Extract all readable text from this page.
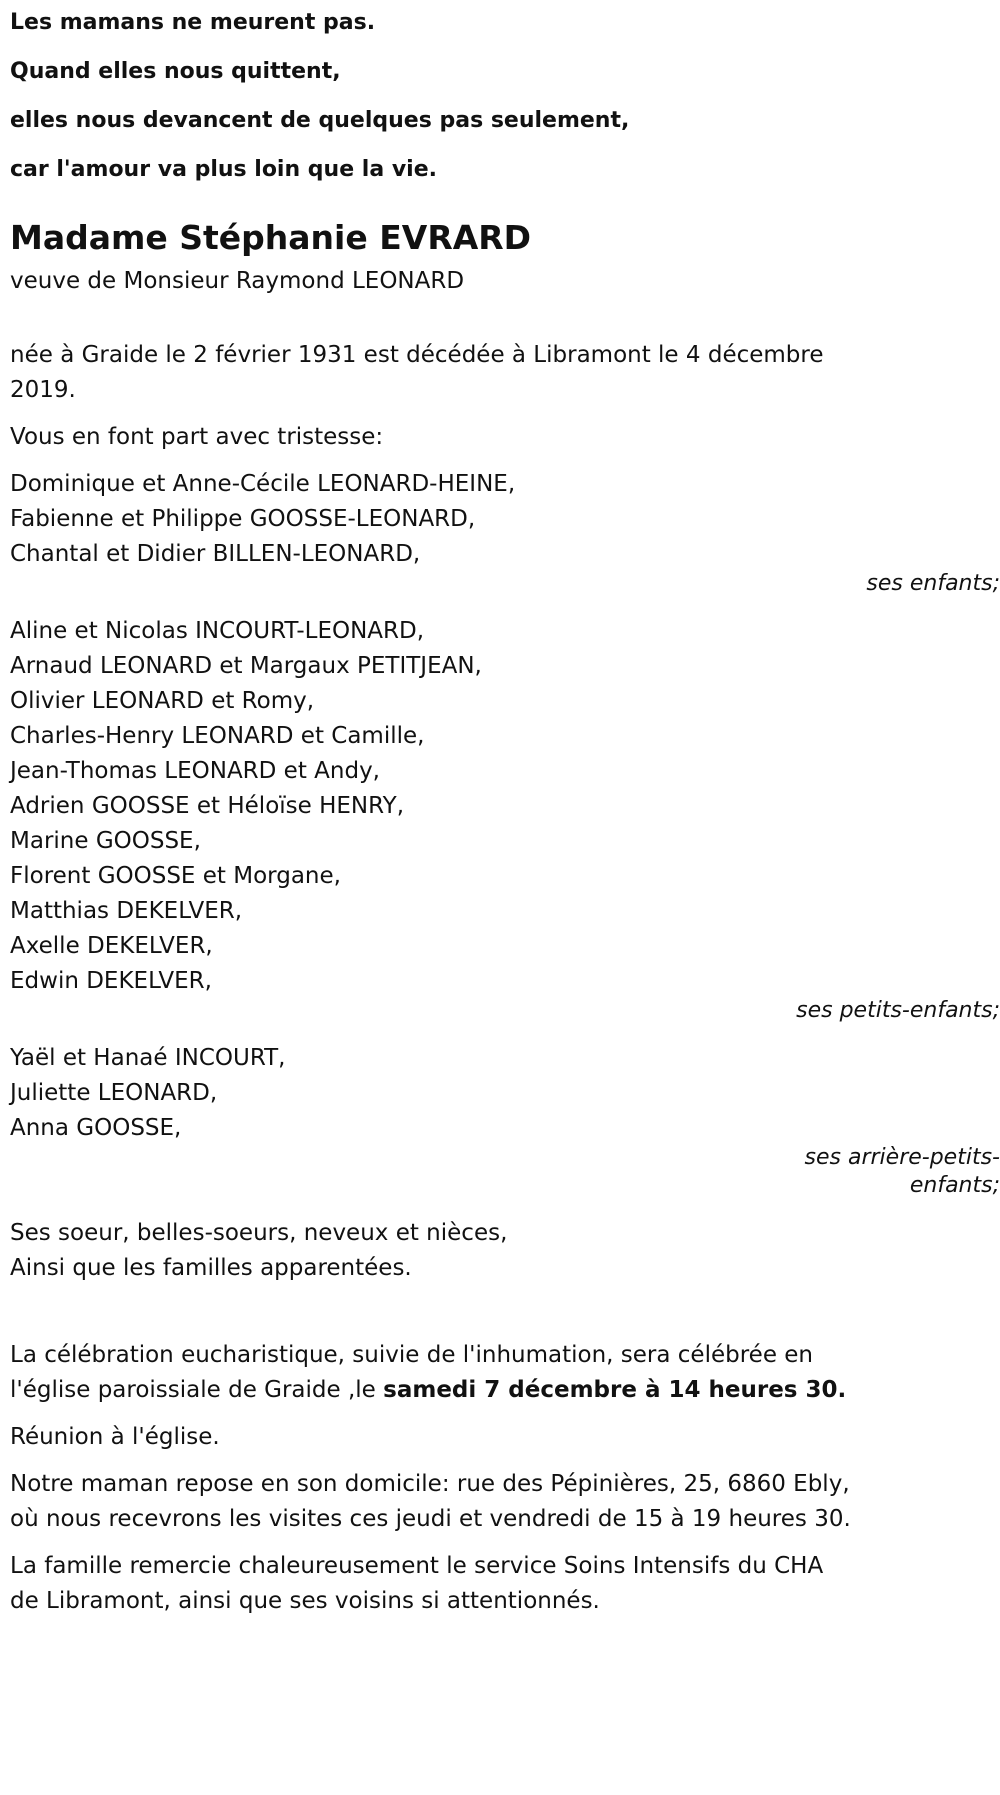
Les mamans ne meurent pas.

Quand elles nous quittent,

elles nous devancent de quelques pas seulement,

car l'amour va plus loin que la vie.

Madame Stéphanie EVRARD
veuve de Monsieur Raymond LEONARD
née à Graide le 2 février 1931 est décédée à Libramont le 4 décembre
2019.
Vous en font part avec tristesse:
Dominique et Anne-Cécile LEONARD-HEINE,
Fabienne et Philippe GOOSSE-LEONARD,
Chantal et Didier BILLEN-LEONARD,
ses enfants;
Aline et Nicolas INCOURT-LEONARD,
Arnaud LEONARD et Margaux PETITJEAN,
Olivier LEONARD et Romy,
Charles-Henry LEONARD et Camille,
Jean-Thomas LEONARD et Andy,
Adrien GOOSSE et Héloïse HENRY,
Marine GOOSSE,
Florent GOOSSE et Morgane,
Matthias DEKELVER,
Axelle DEKELVER,
Edwin DEKELVER,
ses petits-enfants;
Yaël et Hanaé INCOURT,
Juliette LEONARD,
Anna GOOSSE,
ses arrière-petits-
enfants;
Ses soeur, belles-soeurs, neveux et nièces,
Ainsi que les familles apparentées.
La célébration eucharistique, suivie de l'inhumation, sera célébrée en
l'église paroissiale de Graide ,le samedi 7 décembre à 14 heures 30.
Réunion à l'église.
Notre maman repose en son domicile: rue des Pépinières, 25, 6860 Ebly,
où nous recevrons les visites ces jeudi et vendredi de 15 à 19 heures 30.
La famille remercie chaleureusement le service Soins Intensifs du CHA
de Libramont, ainsi que ses voisins si attentionnés.
